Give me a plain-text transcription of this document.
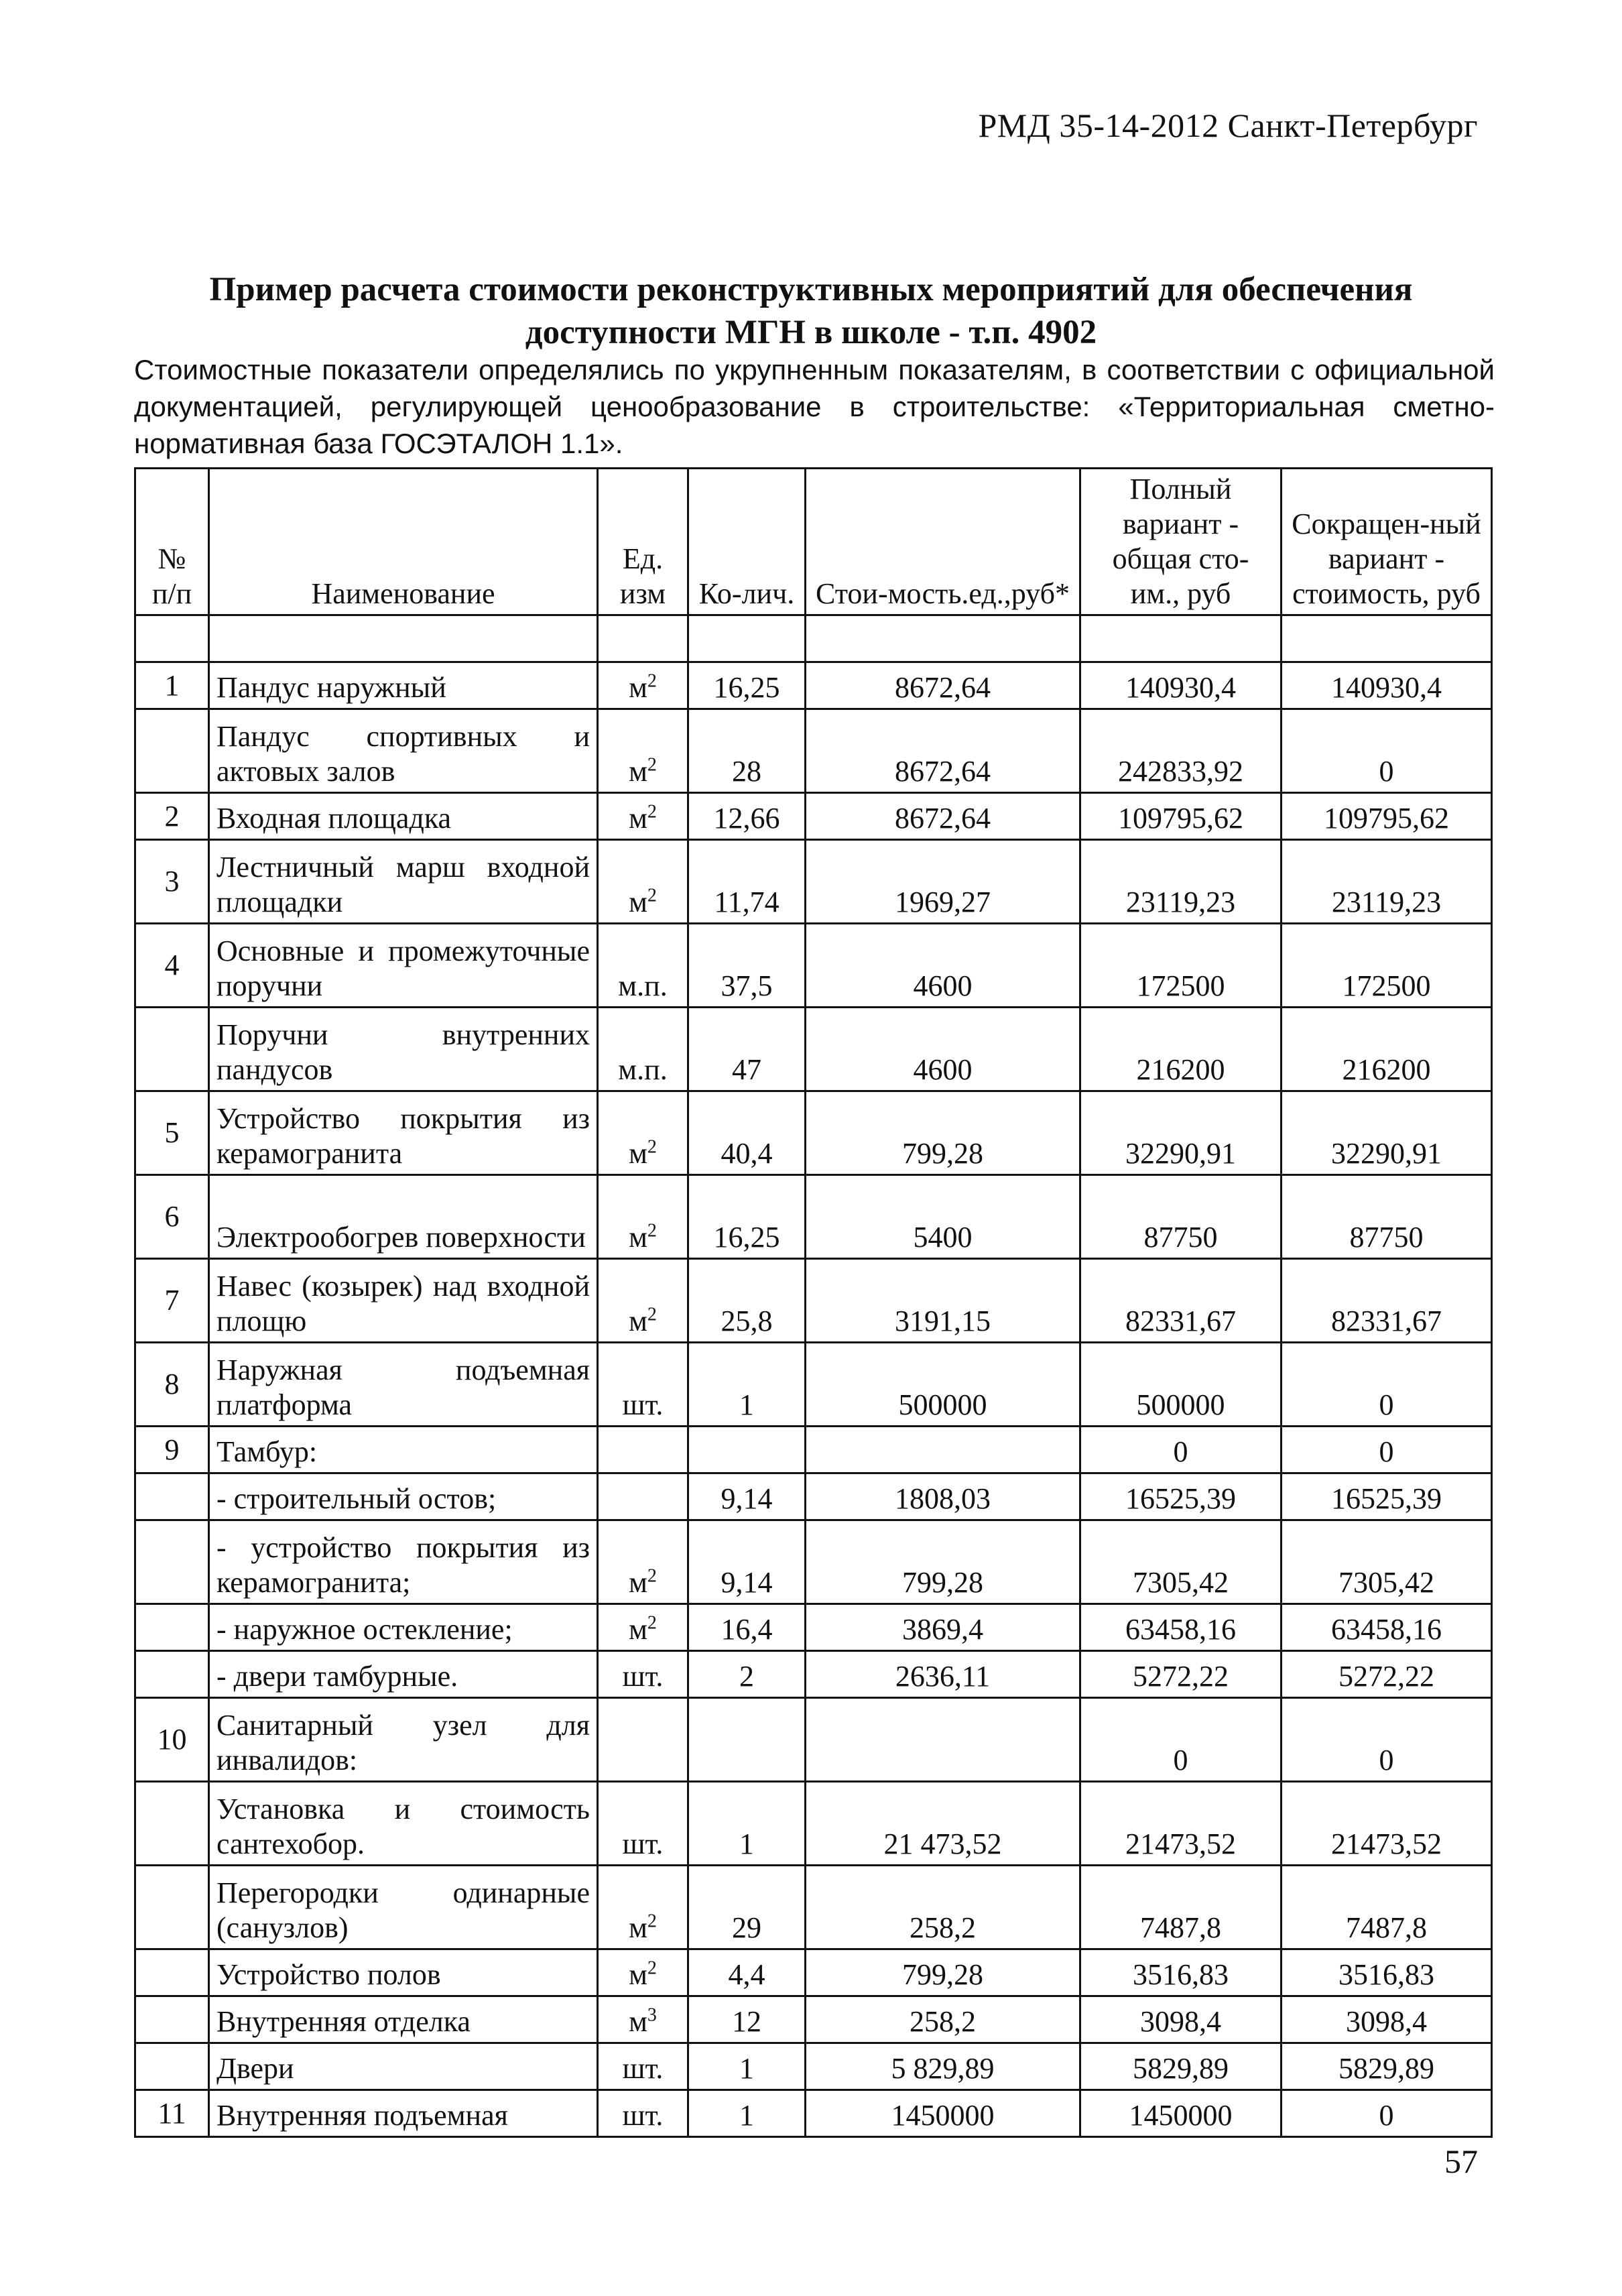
РМД 35-14-2012 Санкт-Петербург
Пример расчета стоимости реконструктивных мероприятий для обеспечения
доступности МГН в школе - т.п. 4902
Стоимостные показатели определялись по укрупненным показателям, в соответствии с официальной документацией, регулирующей ценообразование в строительстве: «Территориальная сметно-нормативная база ГОСЭТАЛОН 1.1».
№ п/п	Наименование	Ед. изм	Ко-лич.	Стои-мость.ед.,руб*	Полный вариант - общая сто-им., руб	Сокращен-ный вариант - стоимость, руб

1	Пандус наружный	$м^2$	16,25	8672,64	140930,4	140930,4
	Пандус спортивных и актовых залов	$м^2$	28	8672,64	242833,92	0
2	Входная площадка	$м^2$	12,66	8672,64	109795,62	109795,62
3	Лестничный марш входной площадки	$м^2$	11,74	1969,27	23119,23	23119,23
4	Основные и промежуточные поручни	м.п.	37,5	4600	172500	172500
	Поручни внутренних пандусов	м.п.	47	4600	216200	216200
5	Устройство покрытия из керамогранита	$м^2$	40,4	799,28	32290,91	32290,91
6	Электрообогрев поверхности	$м^2$	16,25	5400	87750	87750
7	Навес (козырек) над входной площю	$м^2$	25,8	3191,15	82331,67	82331,67
8	Наружная подъемная платформа	шт.	1	500000	500000	0
9	Тамбур:				0	0
	- строительный остов;		9,14	1808,03	16525,39	16525,39
	- устройство покрытия из керамогранита;	$м^2$	9,14	799,28	7305,42	7305,42
	- наружное остекление;	$м^2$	16,4	3869,4	63458,16	63458,16
	- двери тамбурные.	шт.	2	2636,11	5272,22	5272,22
10	Санитарный узел для инвалидов:				0	0
	Установка и стоимость сантехобор.	шт.	1	21 473,52	21473,52	21473,52
	Перегородки одинарные (санузлов)	$м^2$	29	258,2	7487,8	7487,8
	Устройство полов	$м^2$	4,4	799,28	3516,83	3516,83
	Внутренняя отделка	$м^3$	12	258,2	3098,4	3098,4
	Двери	шт.	1	5 829,89	5829,89	5829,89
11	Внутренняя подъемная	шт.	1	1450000	1450000	0
57
